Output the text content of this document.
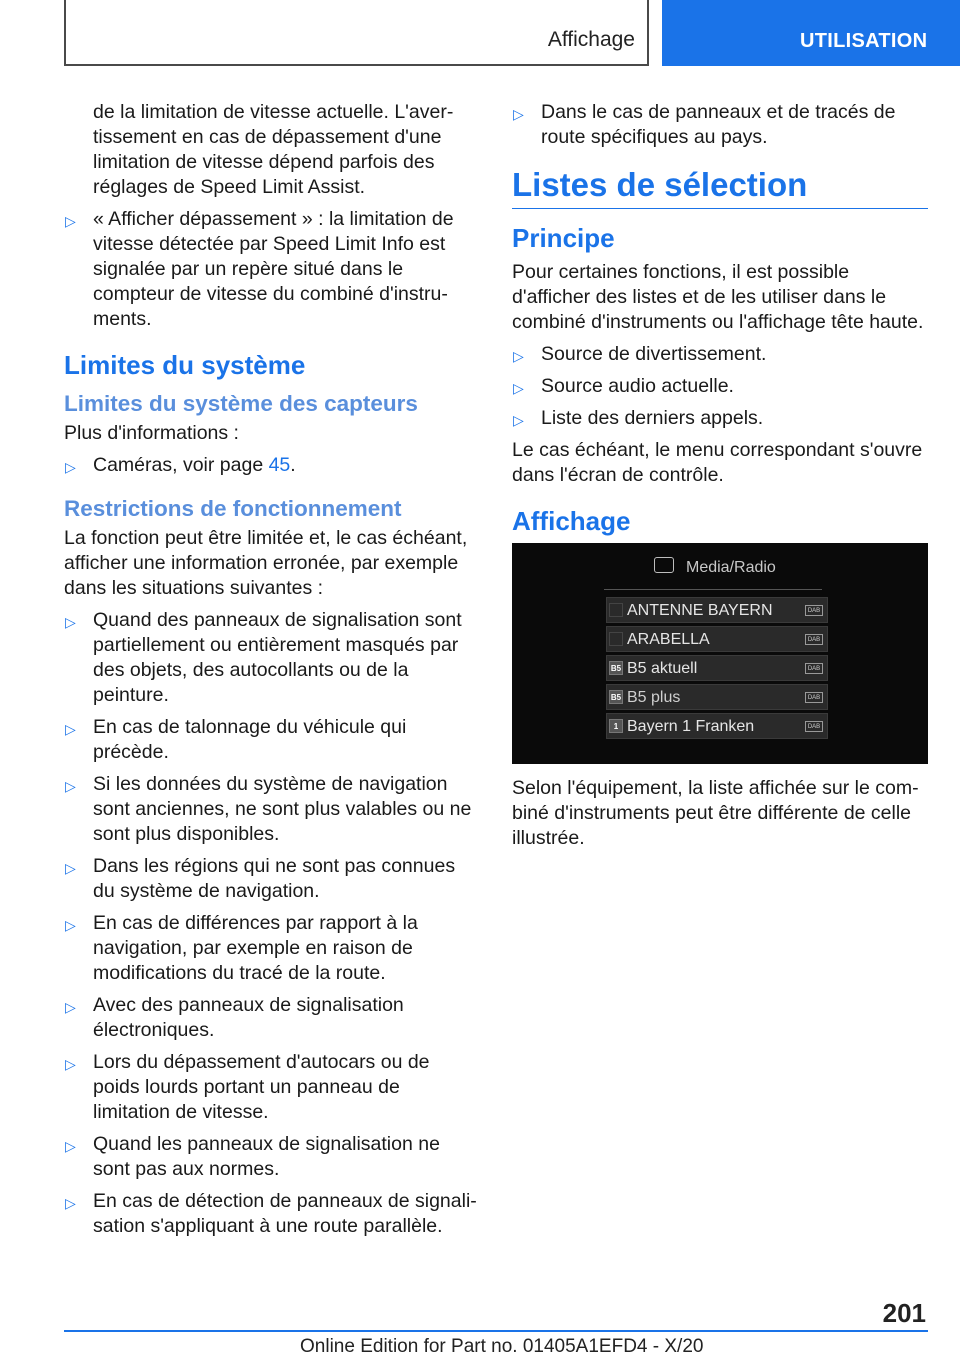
Affichage	UTILISATION

de la limitation de vitesse actuelle. L'avertissement en cas de dépassement d'une limitation de vitesse dépend parfois des réglages de Speed Limit Assist.

▷ « Afficher dépassement » : la limitation de vitesse détectée par Speed Limit Info est signalée par un repère situé dans le compteur de vitesse du combiné d'instruments.
Limites du système
Limites du système des capteurs

Plus d'informations :

▷ Caméras, voir page 45.
Restrictions de fonctionnement

La fonction peut être limitée et, le cas échéant, afficher une information erronée, par exemple dans les situations suivantes :

▷ Quand des panneaux de signalisation sont partiellement ou entièrement masqués par des objets, des autocollants ou de la peinture.
▷ En cas de talonnage du véhicule qui précède.
▷ Si les données du système de navigation sont anciennes, ne sont plus valables ou ne sont plus disponibles.
▷ Dans les régions qui ne sont pas connues du système de navigation.
▷ En cas de différences par rapport à la navigation, par exemple en raison de modifications du tracé de la route.
▷ Avec des panneaux de signalisation électroniques.
▷ Lors du dépassement d'autocars ou de poids lourds portant un panneau de limitation de vitesse.
▷ Quand les panneaux de signalisation ne sont pas aux normes.
▷ En cas de détection de panneaux de signalisation s'appliquant à une route parallèle.
▷ Dans le cas de panneaux et de tracés de route spécifiques au pays.
Listes de sélection
Principe

Pour certaines fonctions, il est possible d'afficher des listes et de les utiliser dans le combiné d'instruments ou l'affichage tête haute.

▷ Source de divertissement.
▷ Source audio actuelle.
▷ Liste des derniers appels.

Le cas échéant, le menu correspondant s'ouvre dans l'écran de contrôle.

Affichage
Media/Radio
ANTENNE BAYERN	DAB
ARABELLA	DAB
B5 B5 aktuell	DAB
B5 B5 plus	DAB
1 Bayern 1 Franken	DAB

Selon l'équipement, la liste affichée sur le combiné d'instruments peut être différente de celle illustrée.

201
Online Edition for Part no. 01405A1EFD4 - X/20
